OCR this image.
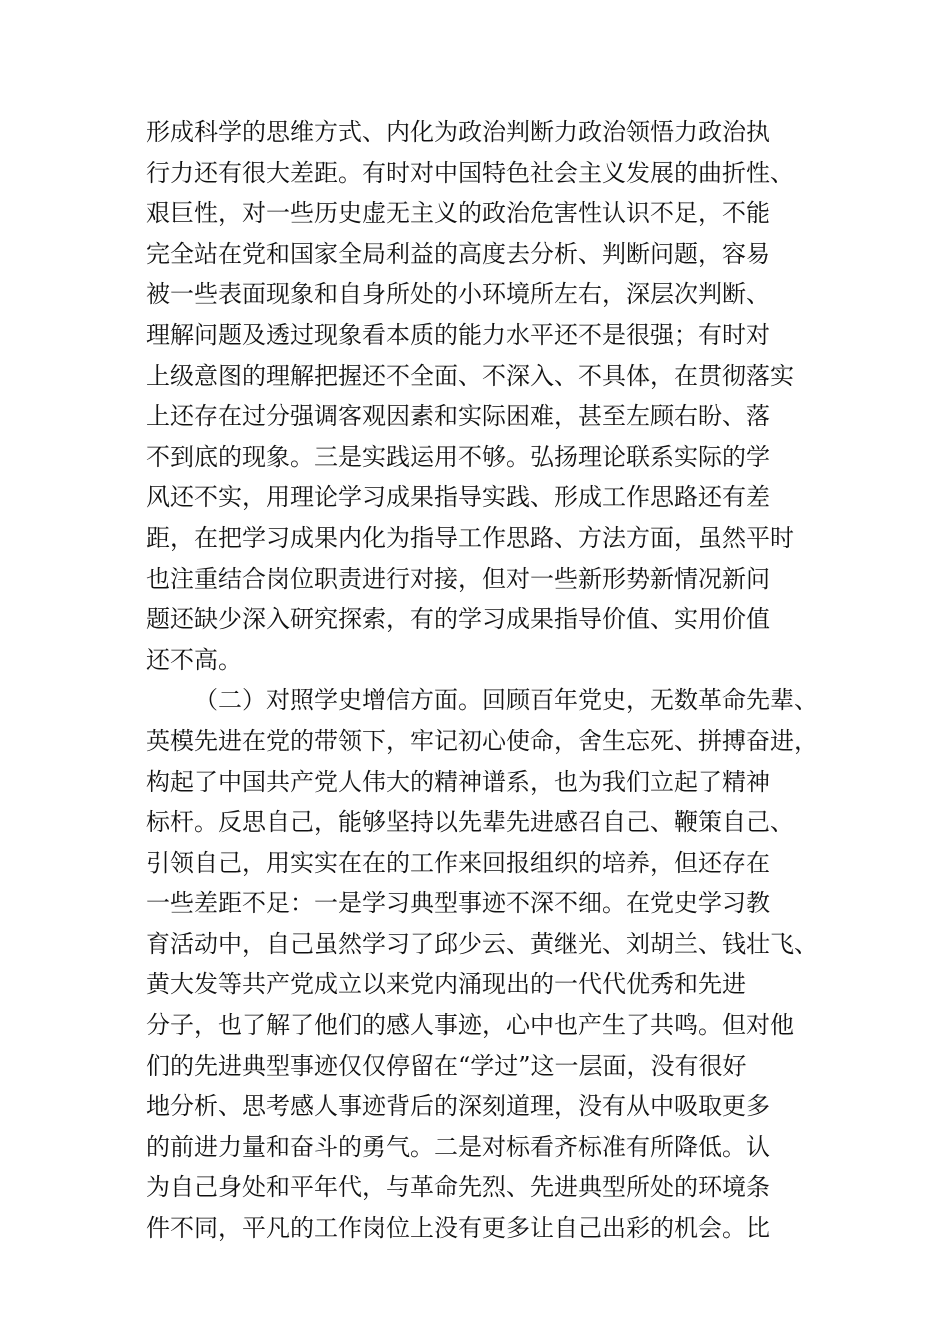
形成科学的思维方式、内化为政治判断力政治领悟力政治执
行力还有很大差距。有时对中国特色社会主义发展的曲折性、
艰巨性，对一些历史虚无主义的政治危害性认识不足，不能
完全站在党和国家全局利益的高度去分析、判断问题，容易
被一些表面现象和自身所处的小环境所左右，深层次判断、
理解问题及透过现象看本质的能力水平还不是很强；有时对
上级意图的理解把握还不全面、不深入、不具体，在贯彻落实
上还存在过分强调客观因素和实际困难，甚至左顾右盼、落
不到底的现象。三是实践运用不够。弘扬理论联系实际的学
风还不实，用理论学习成果指导实践、形成工作思路还有差
距，在把学习成果内化为指导工作思路、方法方面，虽然平时
也注重结合岗位职责进行对接，但对一些新形势新情况新问
题还缺少深入研究探索，有的学习成果指导价值、实用价值
还不高。
（二）对照学史增信方面。回顾百年党史，无数革命先辈、
英模先进在党的带领下，牢记初心使命，舍生忘死、拼搏奋进，
构起了中国共产党人伟大的精神谱系，也为我们立起了精神
标杆。反思自己，能够坚持以先辈先进感召自己、鞭策自己、
引领自己，用实实在在的工作来回报组织的培养，但还存在
一些差距不足：一是学习典型事迹不深不细。在党史学习教
育活动中，自己虽然学习了邱少云、黄继光、刘胡兰、钱壮飞、
黄大发等共产党成立以来党内涌现出的一代代优秀和先进
分子，也了解了他们的感人事迹，心中也产生了共鸣。但对他
们的先进典型事迹仅仅停留在“学过”这一层面，没有很好
地分析、思考感人事迹背后的深刻道理，没有从中吸取更多
的前进力量和奋斗的勇气。二是对标看齐标准有所降低。认
为自己身处和平年代，与革命先烈、先进典型所处的环境条
件不同，平凡的工作岗位上没有更多让自己出彩的机会。比
